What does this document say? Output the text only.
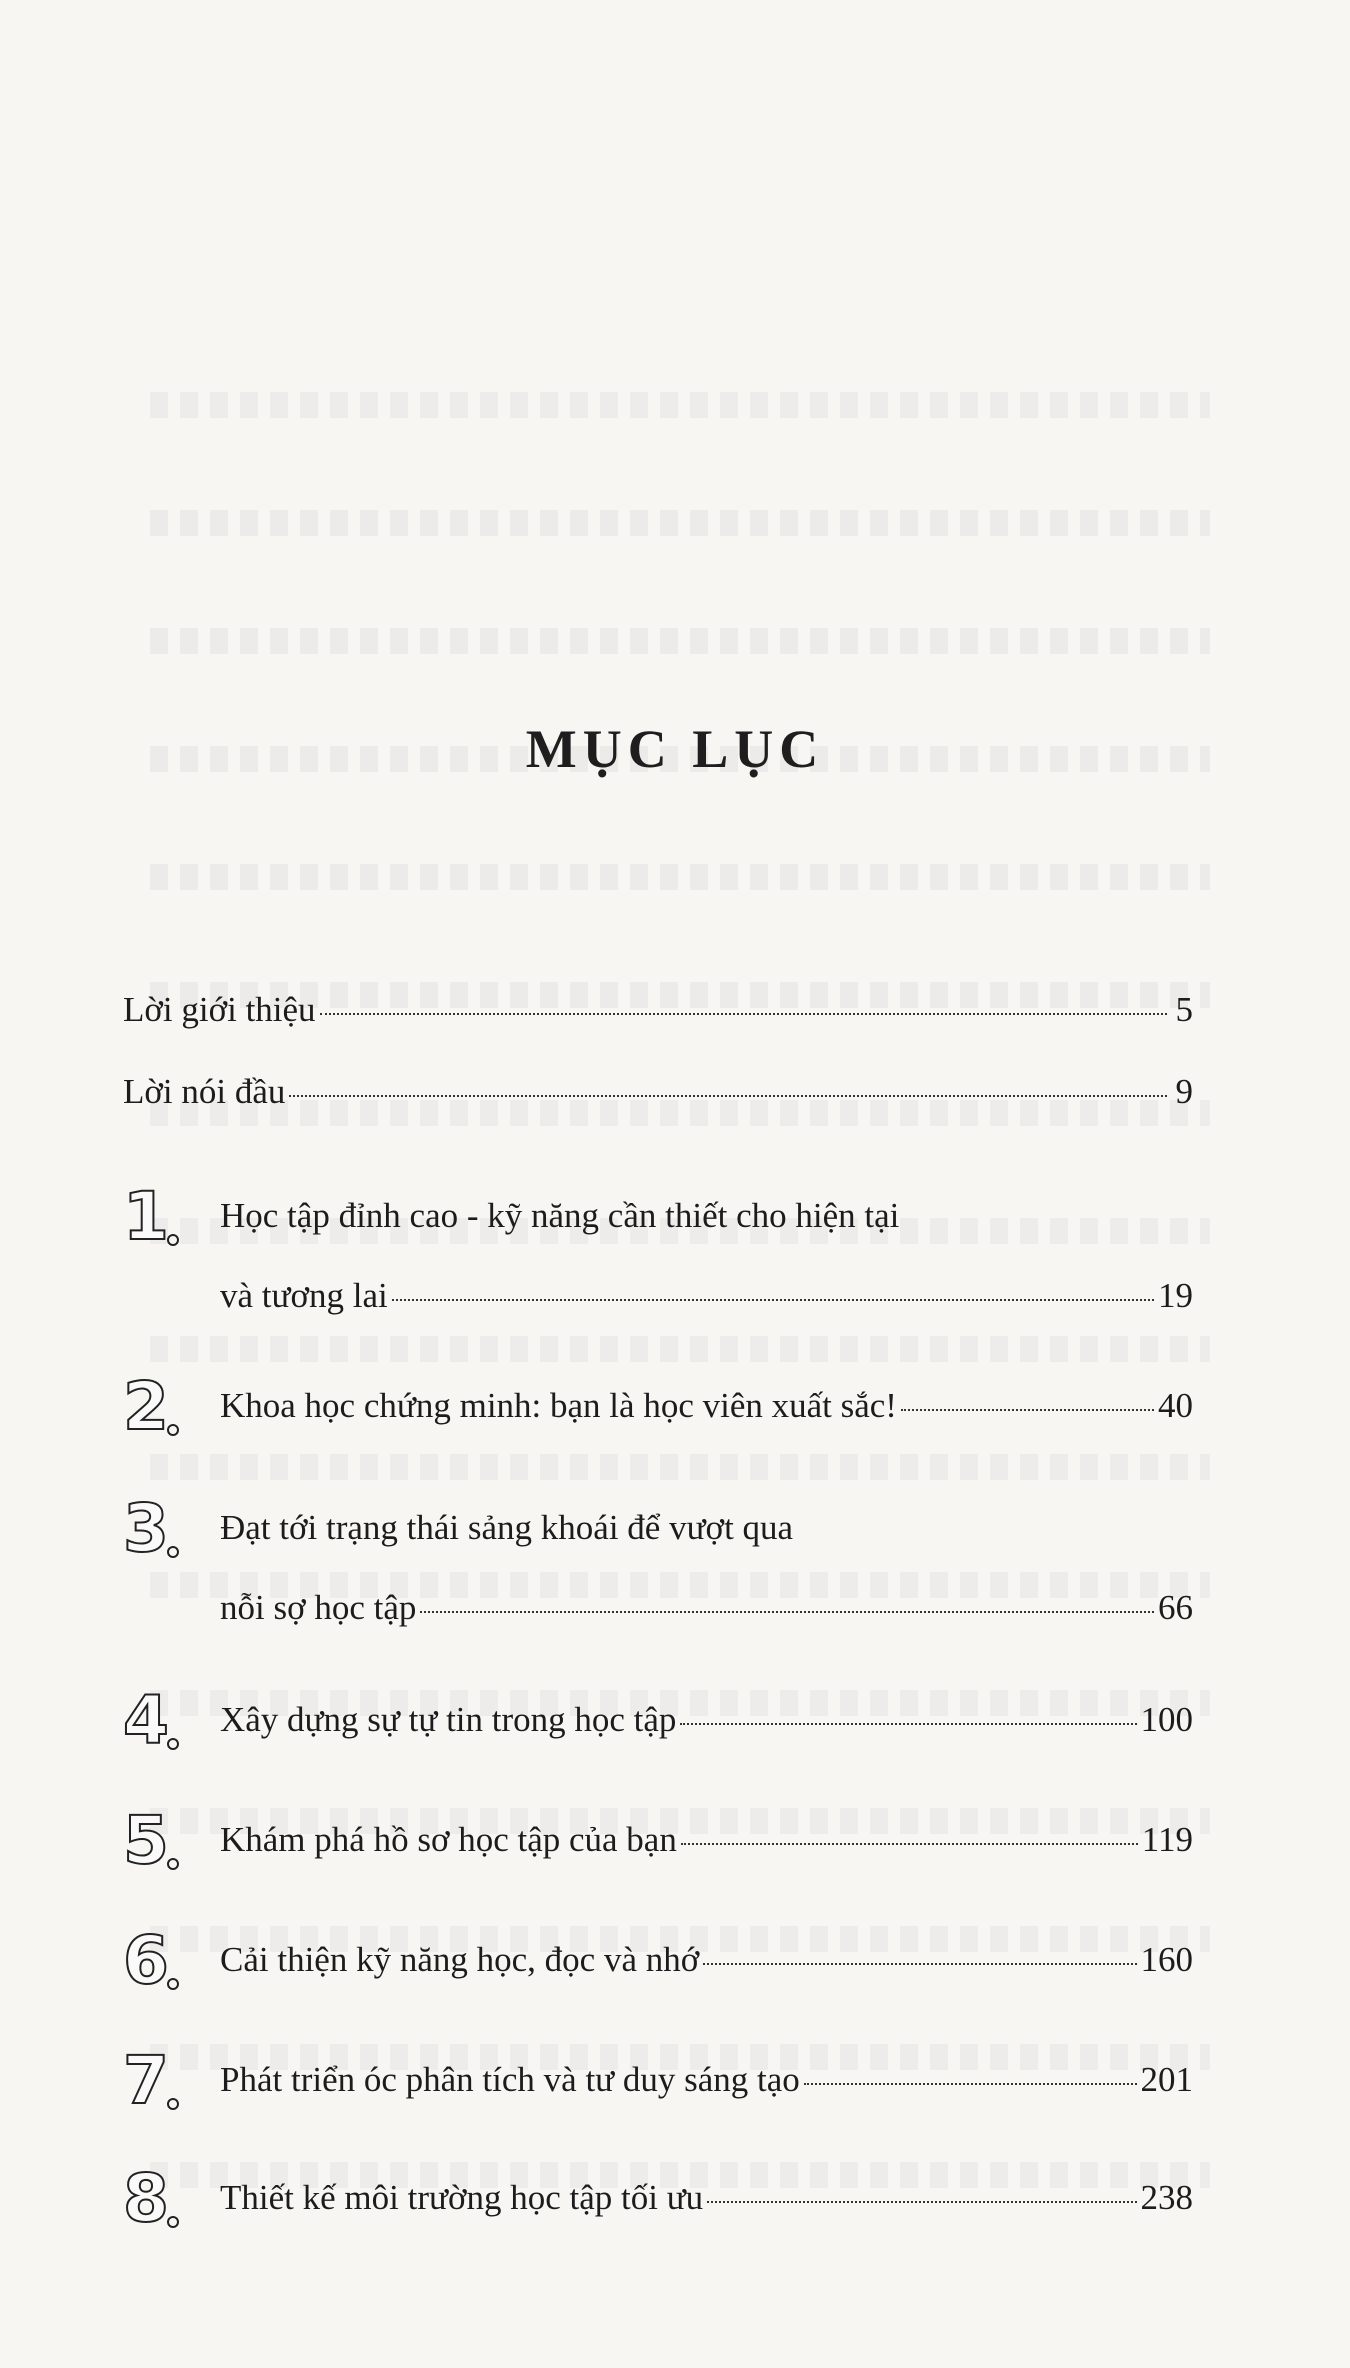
MỤC LỤC
Lời giới thiệu	5
Lời nói đầu	9
1 Học tập đỉnh cao - kỹ năng cần thiết cho hiện tại
và tương lai	19
2 Khoa học chứng minh: bạn là học viên xuất sắc!	40
3 Đạt tới trạng thái sảng khoái để vượt qua
nỗi sợ học tập	66
4 Xây dựng sự tự tin trong học tập	100
5 Khám phá hồ sơ học tập của bạn	119
6 Cải thiện kỹ năng học, đọc và nhớ	160
7 Phát triển óc phân tích và tư duy sáng tạo	201
8 Thiết kế môi trường học tập tối ưu	238
